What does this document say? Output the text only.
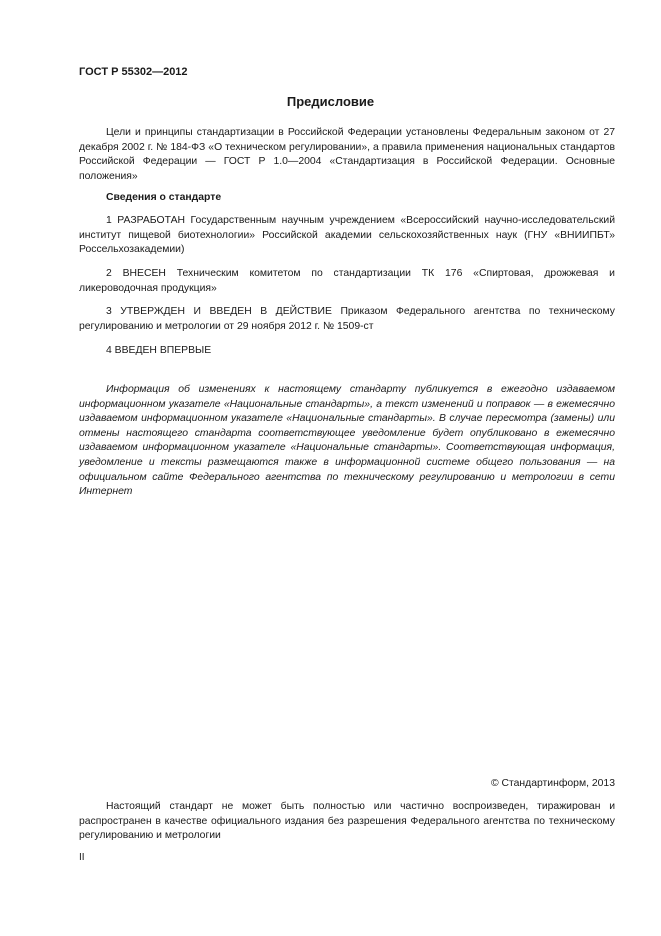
ГОСТ Р 55302—2012
Предисловие

Цели и принципы стандартизации в Российской Федерации установлены Федеральным законом от 27 декабря 2002 г. № 184-ФЗ «О техническом регулировании», а правила применения национальных стандартов Российской Федерации — ГОСТ Р 1.0—2004 «Стандартизация в Российской Федерации. Основные положения»

Сведения о стандарте

1 РАЗРАБОТАН Государственным научным учреждением «Всероссийский научно-исследовательский институт пищевой биотехнологии» Российской академии сельскохозяйственных наук (ГНУ «ВНИИПБТ» Россельхозакадемии)

2 ВНЕСЕН Техническим комитетом по стандартизации ТК 176 «Спиртовая, дрожжевая и ликероводочная продукция»

3 УТВЕРЖДЕН И ВВЕДЕН В ДЕЙСТВИЕ Приказом Федерального агентства по техническому регулированию и метрологии от 29 ноября 2012 г. № 1509-ст

4 ВВЕДЕН ВПЕРВЫЕ

Информация об изменениях к настоящему стандарту публикуется в ежегодно издаваемом информационном указателе «Национальные стандарты», а текст изменений и поправок — в ежемесячно издаваемом информационном указателе «Национальные стандарты». В случае пересмотра (замены) или отмены настоящего стандарта соответствующее уведомление будет опубликовано в ежемесячно издаваемом информационном указателе «Национальные стандарты». Соответствующая информация, уведомление и тексты размещаются также в информационной системе общего пользования — на официальном сайте Федерального агентства по техническому регулированию и метрологии в сети Интернет

© Стандартинформ, 2013

Настоящий стандарт не может быть полностью или частично воспроизведен, тиражирован и распространен в качестве официального издания без разрешения Федерального агентства по техническому регулированию и метрологии

II
